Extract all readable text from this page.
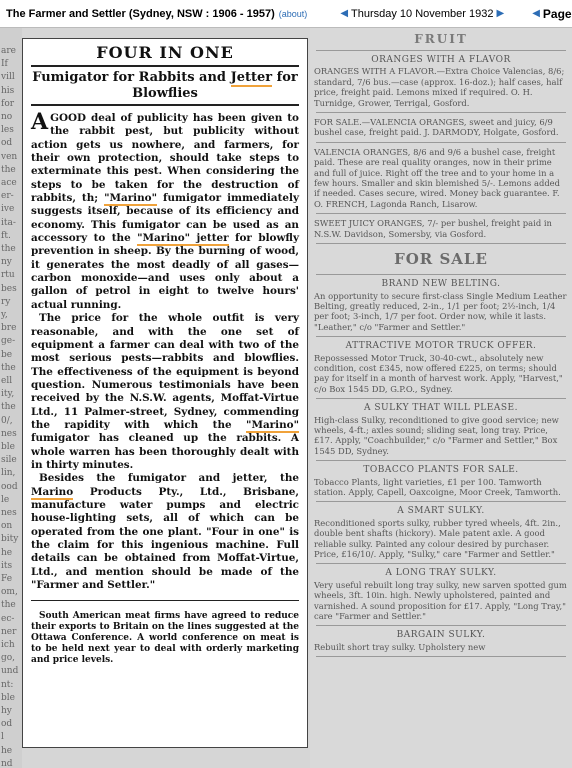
The Farmer and Settler (Sydney, NSW : 1906 - 1957) (about)	◀ Thursday 10 November 1932 ▶	◀ Page
are
If
vill
his
for
no
les
od
ven
the
ace
er-
ive
ita-
ft.
the
ny
rtu
bes
ry
y,
bre
ge-
be
the
ell
ity,
the
0/,
nes
ble
sile
lin,
ood
le
nes
on
bity
he
its
Fe
om,
the
ec-
ner
ich
go,
und
nt:
ble
hy
od
l
he
nd
FOUR IN ONE
Fumigator for Rabbits and Jetter for Blowflies

A GOOD deal of publicity has been given to the rabbit pest, but publicity without action gets us nowhere, and farmers, for their own protection, should take steps to exterminate this pest. When considering the steps to be taken for the destruction of rabbits, th; "Marino" fumigator immediately suggests itself, because of its efficiency and economy. This fumigator can be used as an accessory to the "Marino" jetter for blowfly prevention in sheep. By the burning of wood, it generates the most deadly of all gases—carbon monoxide—and uses only about a gallon of petrol in eight to twelve hours' actual running.

The price for the whole outfit is very reasonable, and with the one set of equipment a farmer can deal with two of the most serious pests—rabbits and blowflies. The effectiveness of the equipment is beyond question. Numerous testimonials have been received by the N.S.W. agents, Moffat-Virtue Ltd., 11 Palmer-street, Sydney, commending the rapidity with which the "Marino" fumigator has cleaned up the rabbits. A whole warren has been thoroughly dealt with in thirty minutes.

Besides the fumigator and jetter, the Marino Products Pty., Ltd., Brisbane, manufacture water pumps and electric house-lighting sets, all of which can be operated from the one plant. "Four in one" is the claim for this ingenious machine. Full details can be obtained from Moffat-Virtue, Ltd., and mention should be made of the "Farmer and Settler."

South American meat firms have agreed to reduce their exports to Britain on the lines suggested at the Ottawa Conference. A world conference on meat is to be held next year to deal with orderly marketing and price levels.

FRUIT
ORANGES WITH A FLAVOR
ORANGES WITH A FLAVOR.—Extra Choice Valencias, 8/6; standard, 7/6 bus.—case (approx. 16-doz.); half cases, half price, freight paid. Lemons mixed if required. O. H. Turnidge, Grower, Terrigal, Gosford.
FOR SALE.—VALENCIA ORANGES, sweet and juicy, 6/9 bushel case, freight paid. J. DARMODY, Holgate, Gosford.
VALENCIA ORANGES, 8/6 and 9/6 a bushel case, freight paid. These are real quality oranges, now in their prime and full of juice. Right off the tree and to your home in a few hours. Smaller and skin blemished 5/-. Lemons added if needed. Cases secure, wired. Money back guarantee. F. O. FRENCH, Lagonda Ranch, Lisarow.
SWEET JUICY ORANGES, 7/- per bushel, freight paid in N.S.W. Davidson, Somersby, via Gosford.
FOR SALE
BRAND NEW BELTING.
An opportunity to secure first-class Single Medium Leather Belting, greatly reduced, 2-in., 1/1 per foot; 2½-inch, 1/4 per foot; 3-inch, 1/7 per foot. Order now, while it lasts. "Leather," c/o "Farmer and Settler."
ATTRACTIVE MOTOR TRUCK OFFER.
Repossessed Motor Truck, 30-40-cwt., absolutely new condition, cost £345, now offered £225, on terms; should pay for itself in a month of harvest work. Apply, "Harvest," c/o Box 1545 DD, G.P.O., Sydney.
A SULKY THAT WILL PLEASE.
High-class Sulky, reconditioned to give good service; new wheels, 4-ft.; axles sound; sliding seat, long tray. Price, £17. Apply, "Coachbuilder," c/o "Farmer and Settler," Box 1545 DD, Sydney.
TOBACCO PLANTS FOR SALE.
Tobacco Plants, light varieties, £1 per 100. Tamworth station. Apply, Capell, Oaxcoigne, Moor Creek, Tamworth.
A SMART SULKY.
Reconditioned sports sulky, rubber tyred wheels, 4ft. 2in., double bent shafts (hickory). Male patent axle. A good reliable sulky. Painted any colour desired by purchaser. Price, £16/10/. Apply, "Sulky," care "Farmer and Settler."
A LONG TRAY SULKY.
Very useful rebuilt long tray sulky, new sarven spotted gum wheels, 3ft. 10in. high. Newly upholstered, painted and varnished. A sound proposition for £17. Apply, "Long Tray," care "Farmer and Settler."
BARGAIN SULKY.
Rebuilt short tray sulky. Upholstery new
